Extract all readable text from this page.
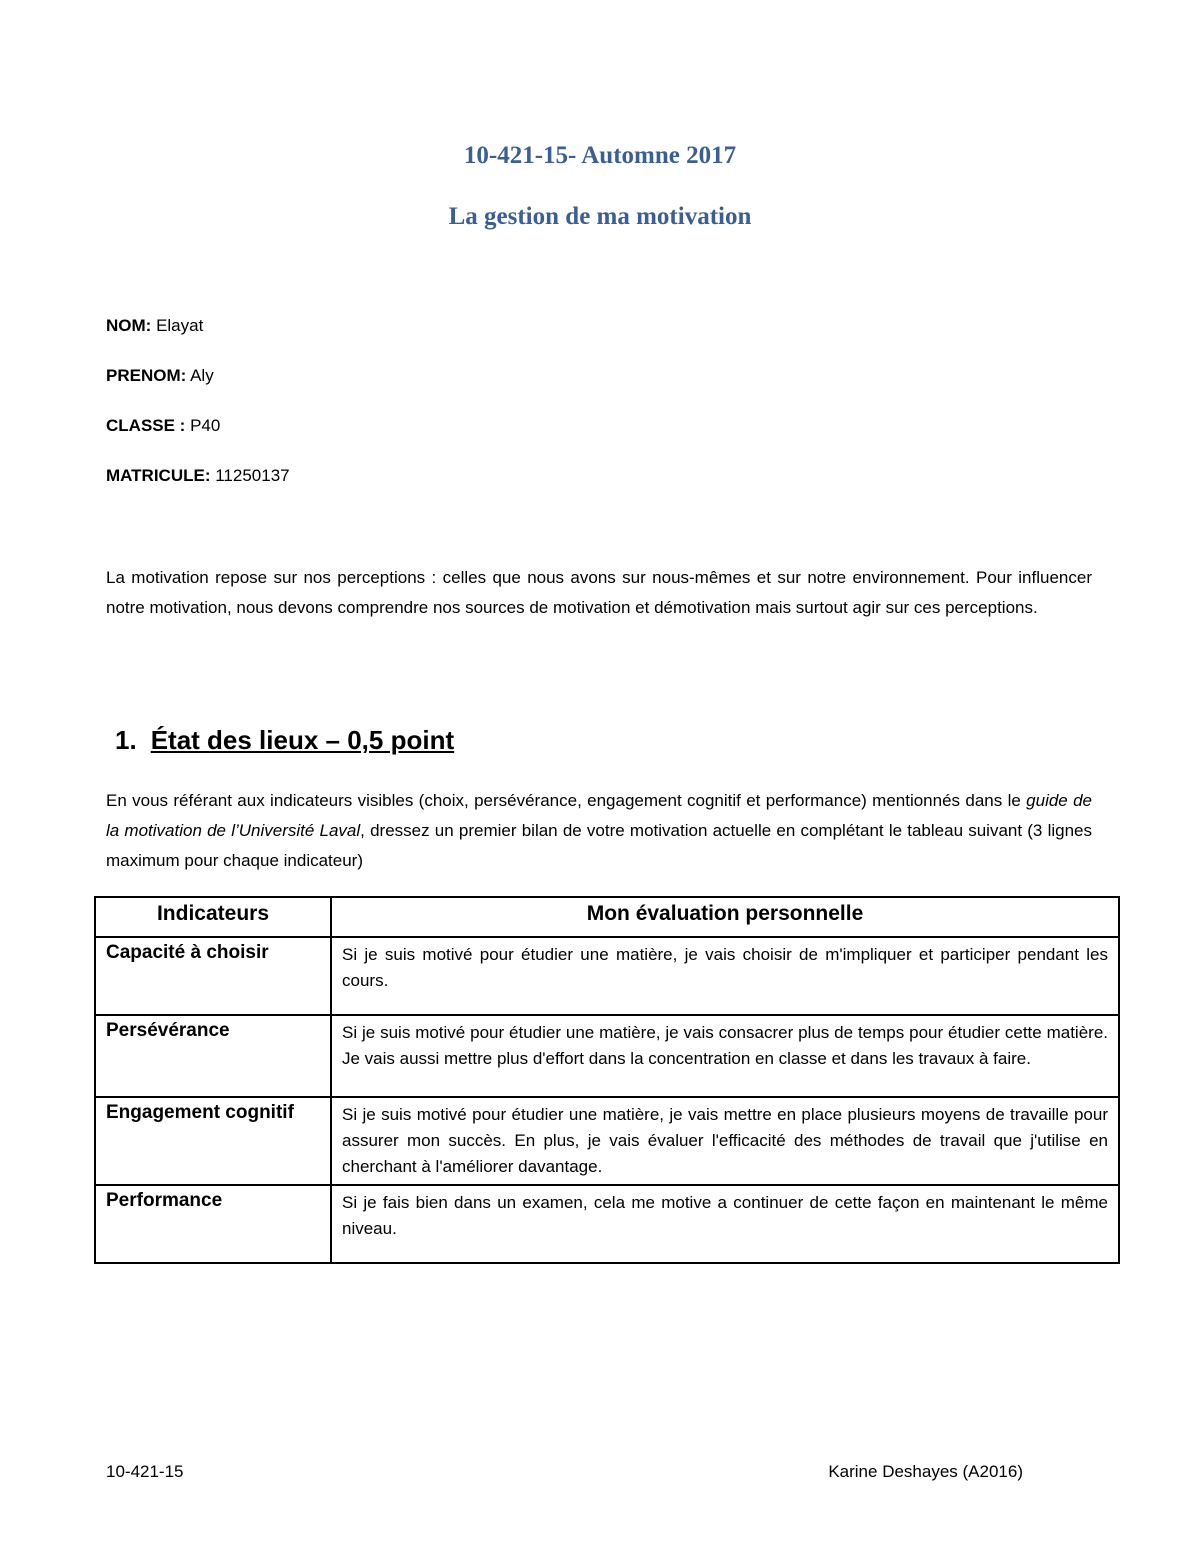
10-421-15- Automne 2017
La gestion de ma motivation
NOM: Elayat
PRENOM: Aly
CLASSE : P40
MATRICULE: 11250137
La motivation repose sur nos perceptions : celles que nous avons sur nous-mêmes et sur notre environnement. Pour influencer notre motivation, nous devons comprendre nos sources de motivation et démotivation mais surtout agir sur ces perceptions.
1. État des lieux – 0,5 point
En vous référant aux indicateurs visibles (choix, persévérance, engagement cognitif et performance) mentionnés dans le guide de la motivation de l’Université Laval, dressez un premier bilan de votre motivation actuelle en complétant le tableau suivant (3 lignes maximum pour chaque indicateur)
Indicateurs	Mon évaluation personnelle
Capacité à choisir	Si je suis motivé pour étudier une matière, je vais choisir de m'impliquer et participer pendant les cours.
Persévérance	Si je suis motivé pour étudier une matière, je vais consacrer plus de temps pour étudier cette matière. Je vais aussi mettre plus d'effort dans la concentration en classe et dans les travaux à faire.
Engagement cognitif	Si je suis motivé pour étudier une matière, je vais mettre en place plusieurs moyens de travaille pour assurer mon succès. En plus, je vais évaluer l'efficacité des méthodes de travail que j'utilise en cherchant à l'améliorer davantage.
Performance	Si je fais bien dans un examen, cela me motive a continuer de cette façon en maintenant le même niveau.
10-421-15	Karine Deshayes (A2016)
